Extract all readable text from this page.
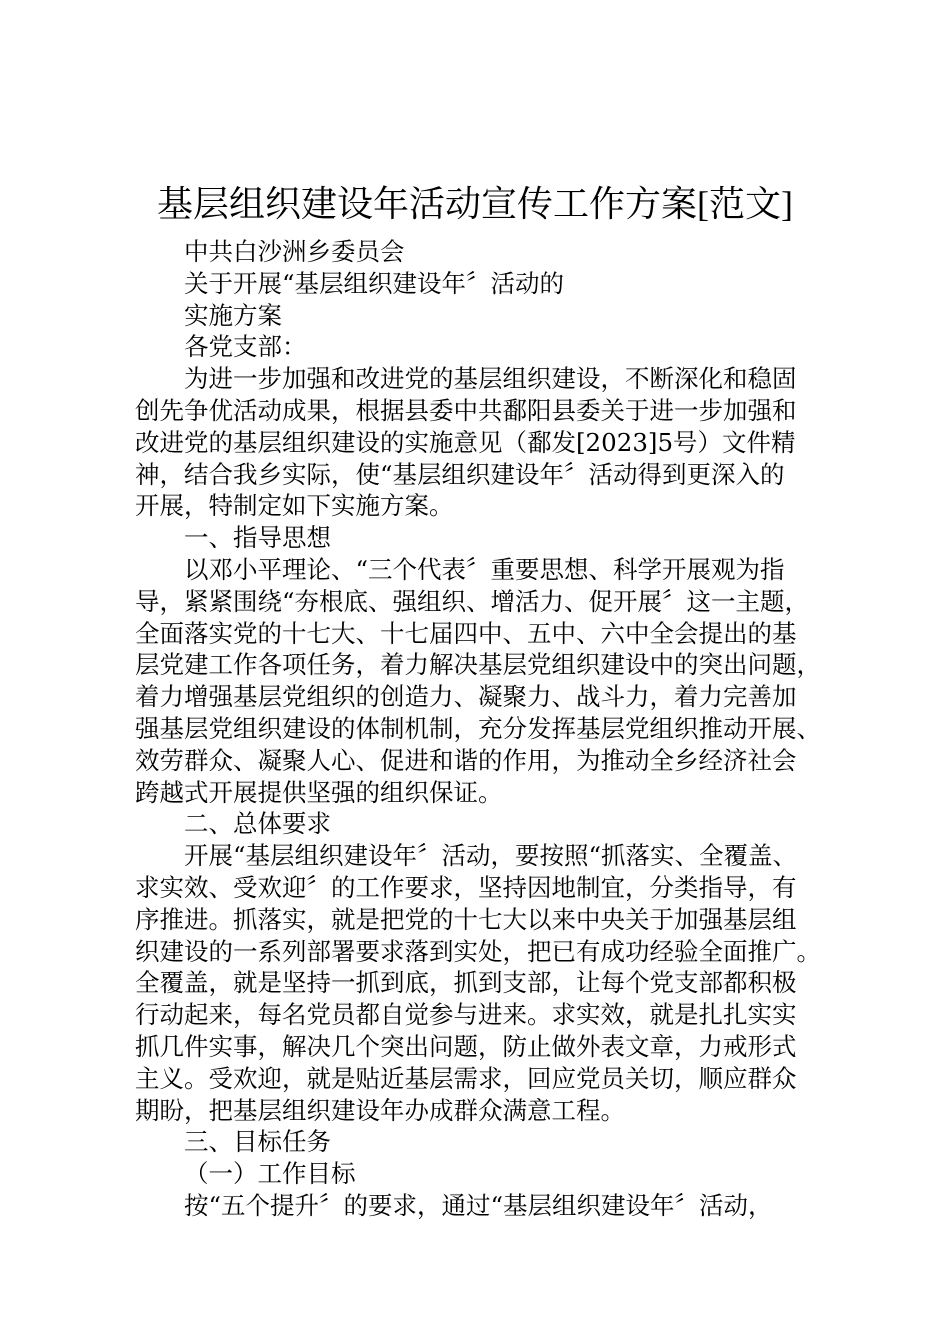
基层组织建设年活动宣传工作方案[范文]
中共白沙洲乡委员会
关于开展“基层组织建设年〞活动的
实施方案
各党支部：
为进一步加强和改进党的基层组织建设，不断深化和稳固
创先争优活动成果，根据县委中共鄱阳县委关于进一步加强和
改进党的基层组织建设的实施意见（鄱发[2023]5号）文件精
神，结合我乡实际，使“基层组织建设年〞活动得到更深入的
开展，特制定如下实施方案。
一、指导思想
以邓小平理论、“三个代表〞重要思想、科学开展观为指
导，紧紧围绕“夯根底、强组织、增活力、促开展〞这一主题，
全面落实党的十七大、十七届四中、五中、六中全会提出的基
层党建工作各项任务，着力解决基层党组织建设中的突出问题，
着力增强基层党组织的创造力、凝聚力、战斗力，着力完善加
强基层党组织建设的体制机制，充分发挥基层党组织推动开展、
效劳群众、凝聚人心、促进和谐的作用，为推动全乡经济社会
跨越式开展提供坚强的组织保证。
二、总体要求
开展“基层组织建设年〞活动，要按照“抓落实、全覆盖、
求实效、受欢迎〞的工作要求，坚持因地制宜，分类指导，有
序推进。抓落实，就是把党的十七大以来中央关于加强基层组
织建设的一系列部署要求落到实处，把已有成功经验全面推广。
全覆盖，就是坚持一抓到底，抓到支部，让每个党支部都积极
行动起来，每名党员都自觉参与进来。求实效，就是扎扎实实
抓几件实事，解决几个突出问题，防止做外表文章，力戒形式
主义。受欢迎，就是贴近基层需求，回应党员关切，顺应群众
期盼，把基层组织建设年办成群众满意工程。
三、目标任务
（一）工作目标
按“五个提升〞的要求，通过“基层组织建设年〞活动，
